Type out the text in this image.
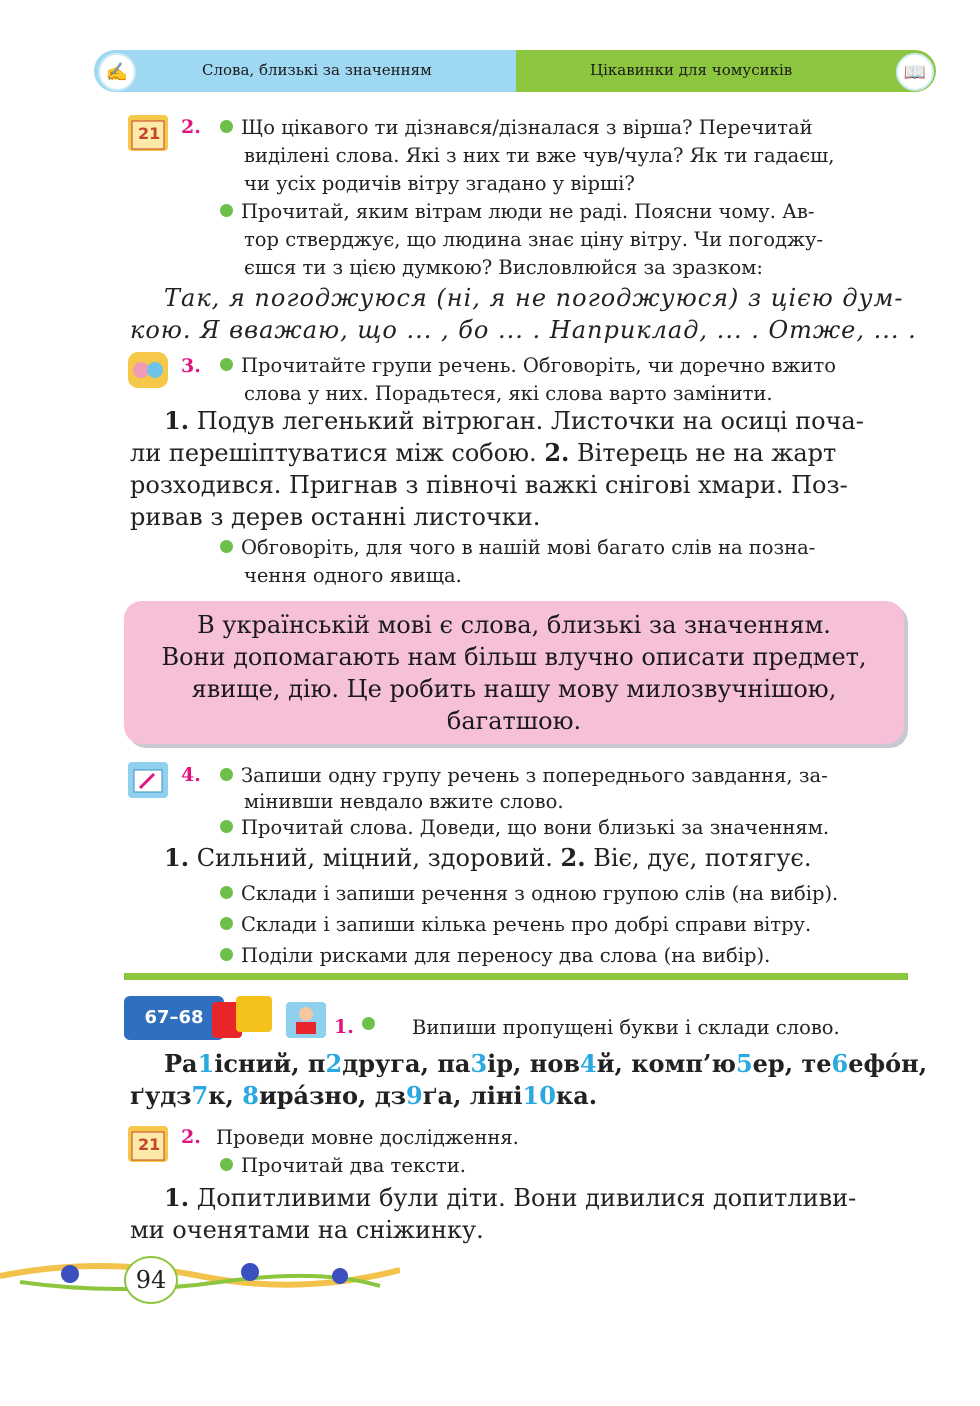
✍	Слова, близькі за значенням	Цікавинки для чомусиків	📖
21 2.	Що цікавого ти дізнався/дізналася з вірша? Перечитай
виділені слова. Які з них ти вже чув/чула? Як ти гадаєш,
чи усіх родичів вітру згадано у вірші?
Прочитай, яким вітрам люди не раді. Поясни чому. Ав-
тор стверджує, що людина знає ціну вітру. Чи погоджу-
єшся ти з цією думкою? Висловлюйся за зразком:
Так, я погоджуюся (ні, я не погоджуюся) з цією дум-
кою. Я вважаю, що ... , бо ... . Наприклад, ... . Отже, ... .
3.	Прочитайте групи речень. Обговоріть, чи доречно вжито
слова у них. Порадьтеся, які слова варто замінити.
1. Подув легенький вітрюган. Листочки на осиці поча-
ли перешіптуватися між собою. 2. Вітерець не на жарт
розходився. Пригнав з півночі важкі снігові хмари. Поз-
ривав з дерев останні листочки.
Обговоріть, для чого в нашій мові багато слів на позна-
чення одного явища.
В українській мові є слова, близькі за значенням.
Вони допомагають нам більш влучно описати предмет,
явище, дію. Це робить нашу мову милозвучнішою,
багатшою.
4.	Запиши одну групу речень з попереднього завдання, за-
мінивши невдало вжите слово.
Прочитай слова. Доведи, що вони близькі за значенням.
1. Сильний, міцний, здоровий. 2. Віє, дує, потягує.
Склади і запиши речення з одною групою слів (на вибір).
Склади і запиши кілька речень про добрі справи вітру.
Поділи рисками для переносу два слова (на вибір).
67–68	1.	Випиши пропущені букви і склади слово.
Ра1існий, п2друга, па3ір, нов4й, комп’ю5ер, те6ефо́н,
ґудз7к, 8ира́зно, дз9ґа, ліні10ка.
21 2. Проведи мовне дослідження.
Прочитай два тексти.
1. Допитливими були діти. Вони дивилися допитливи-
ми оченятами на сніжинку.
94
